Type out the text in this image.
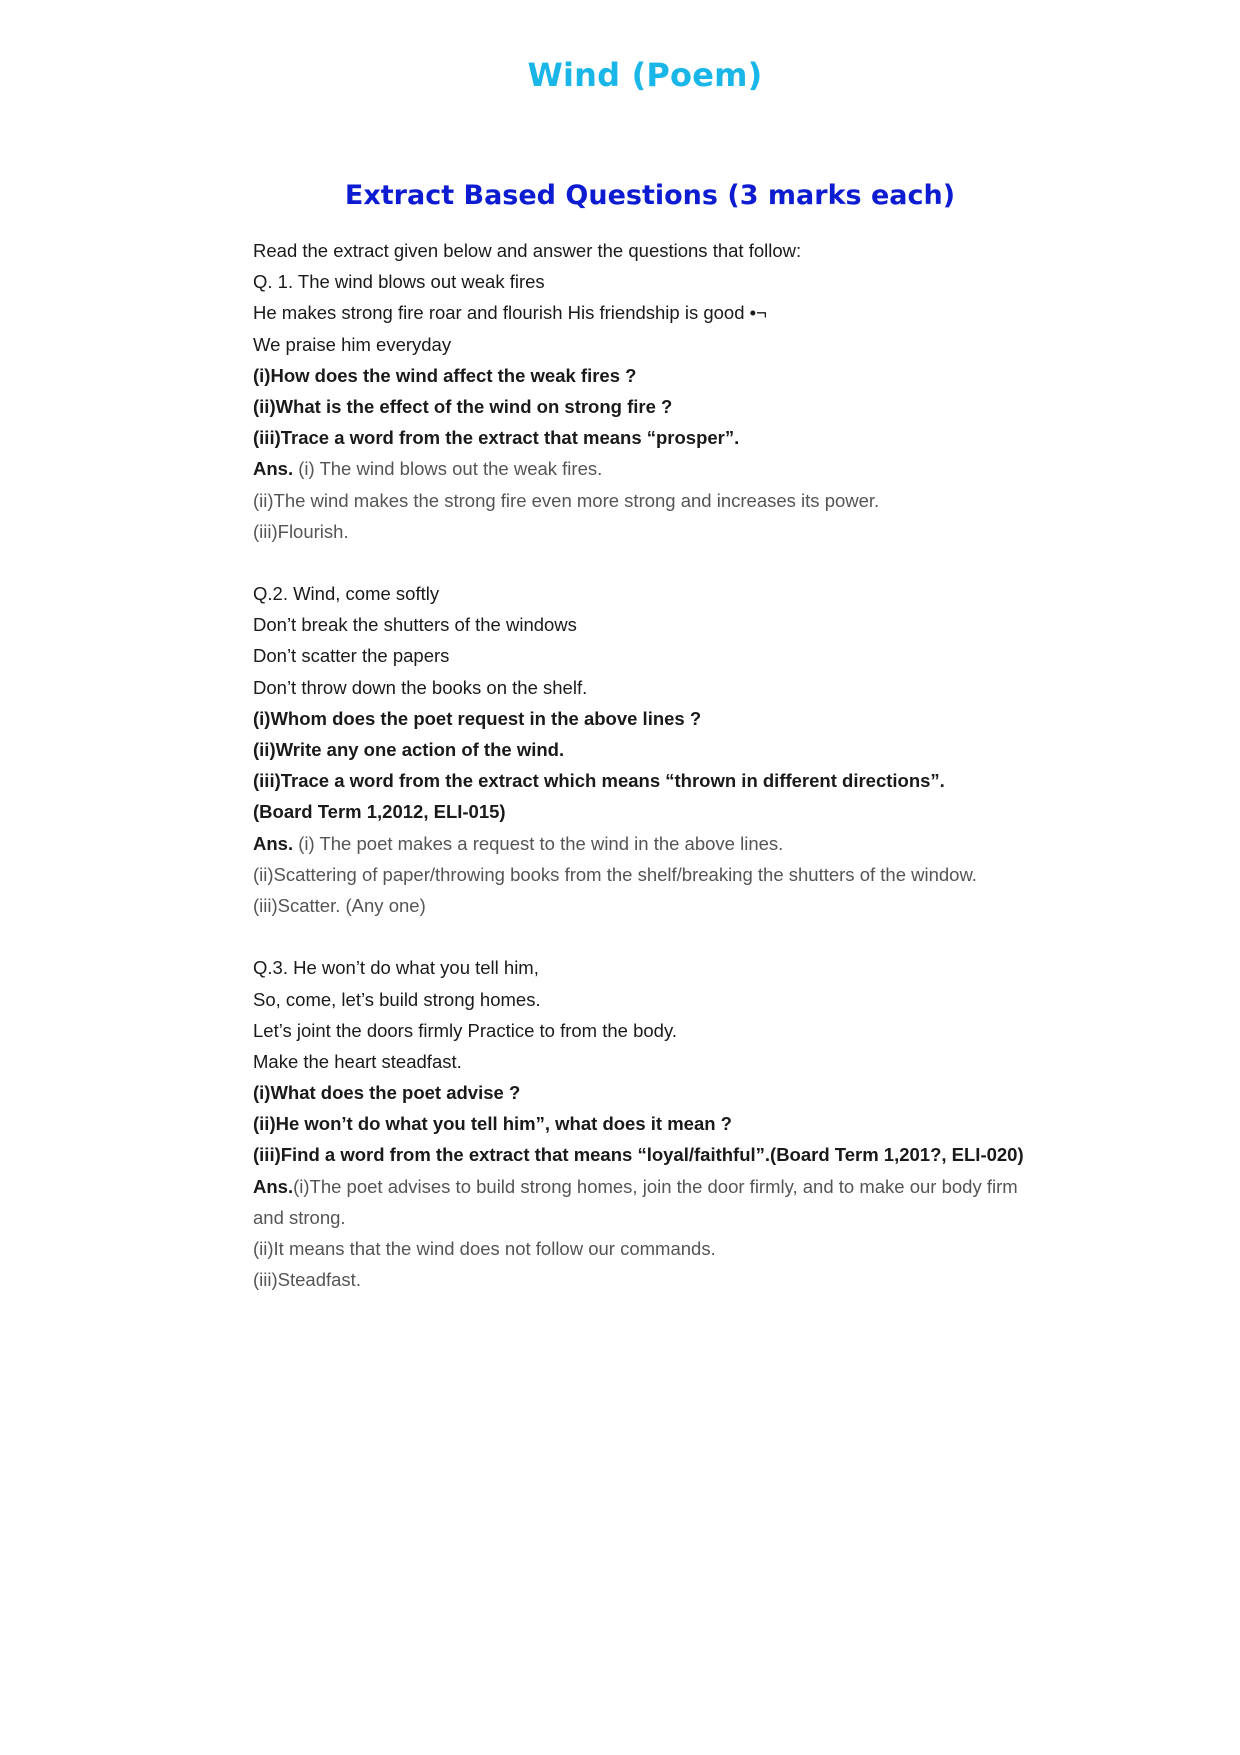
Wind (Poem)
Extract Based Questions (3 marks each)
Read the extract given below and answer the questions that follow:
Q. 1. The wind blows out weak fires
He makes strong fire roar and flourish His friendship is good •¬
We praise him everyday
(i)How does the wind affect the weak fires ?
(ii)What is the effect of the wind on strong fire ?
(iii)Trace a word from the extract that means “prosper”.
Ans. (i) The wind blows out the weak fires.
(ii)The wind makes the strong fire even more strong and increases its power.
(iii)Flourish.
Q.2. Wind, come softly
Don’t break the shutters of the windows
Don’t scatter the papers
Don’t throw down the books on the shelf.
(i)Whom does the poet request in the above lines ?
(ii)Write any one action of the wind.
(iii)Trace a word from the extract which means “thrown in different directions”.
(Board Term 1,2012, ELI-015)
Ans. (i) The poet makes a request to the wind in the above lines.
(ii)Scattering of paper/throwing books from the shelf/breaking the shutters of the window.
(iii)Scatter. (Any one)
Q.3. He won’t do what you tell him,
So, come, let’s build strong homes.
Let’s joint the doors firmly Practice to from the body.
Make the heart steadfast.
(i)What does the poet advise ?
(ii)He won’t do what you tell him”, what does it mean ?
(iii)Find a word from the extract that means “loyal/faithful”.(Board Term 1,201?, ELI-020)
Ans.(i)The poet advises to build strong homes, join the door firmly, and to make our body firm and strong.
(ii)It means that the wind does not follow our commands.
(iii)Steadfast.
